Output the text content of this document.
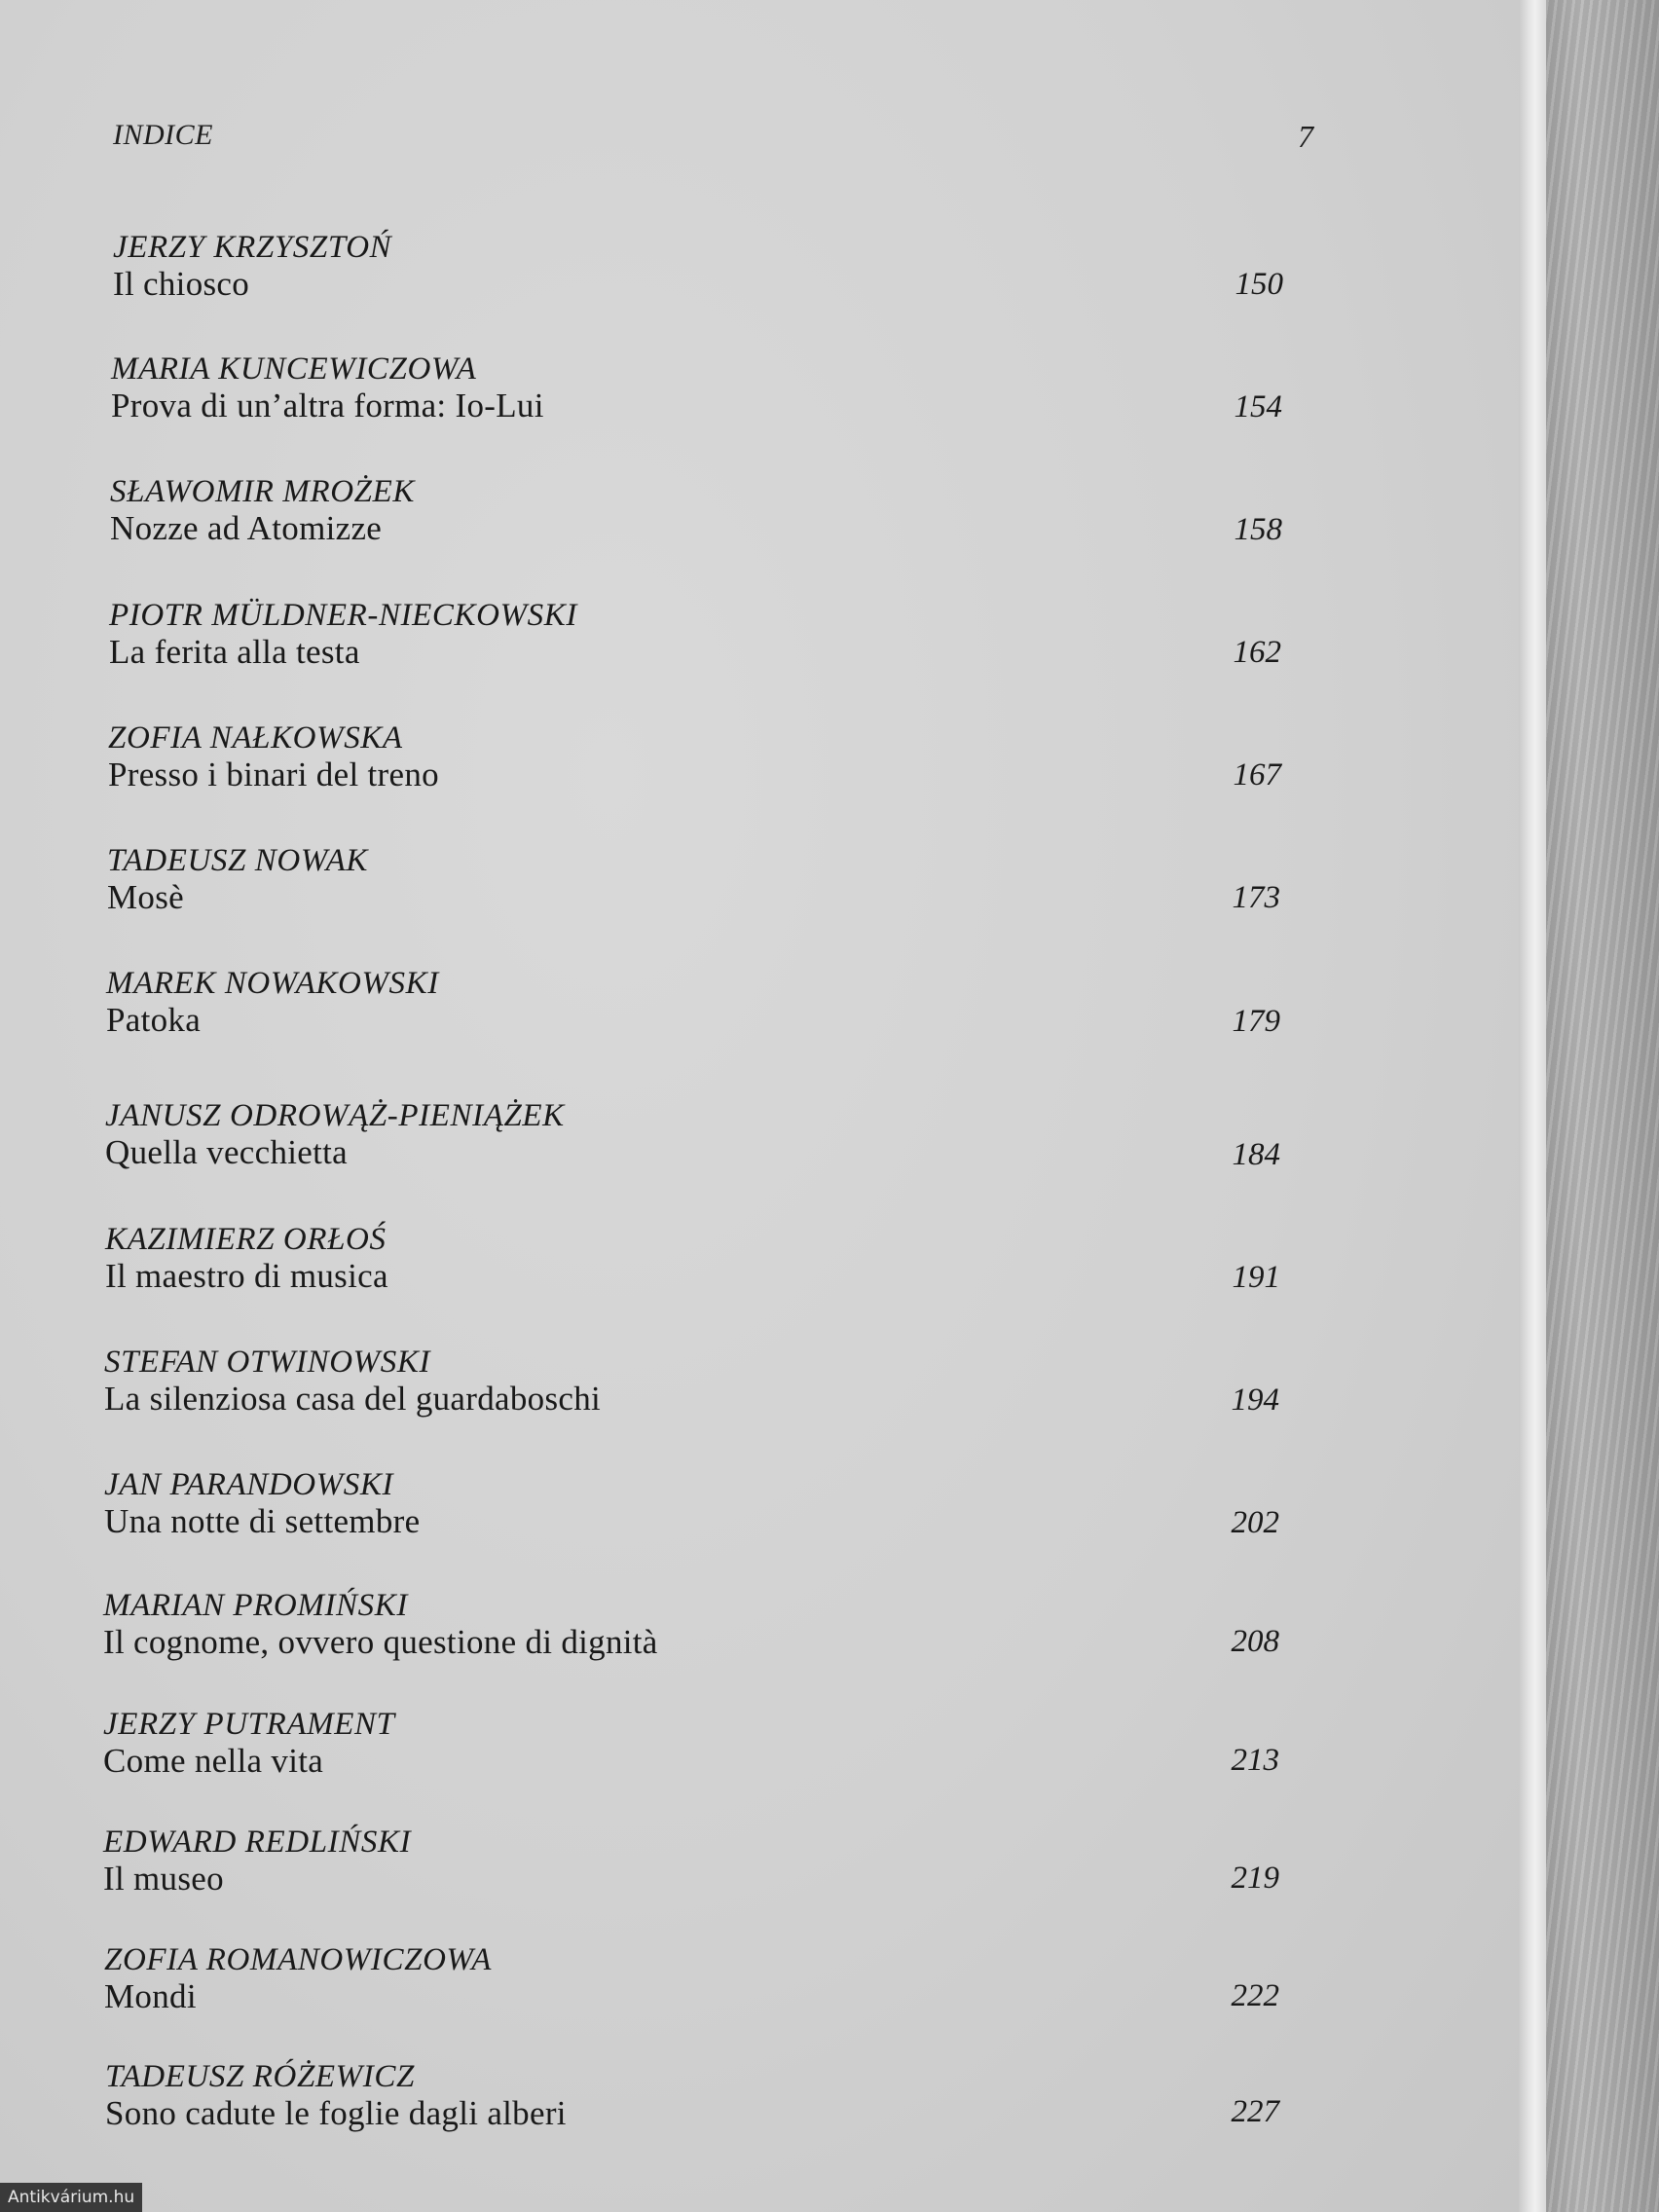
INDICE	7
JERZY KRZYSZTOŃ
Il chiosco	150
MARIA KUNCEWICZOWA
Prova di un’altra forma: Io-Lui	154
SŁAWOMIR MROŻEK
Nozze ad Atomizze	158
PIOTR MÜLDNER-NIECKOWSKI
La ferita alla testa	162
ZOFIA NAŁKOWSKA
Presso i binari del treno	167
TADEUSZ NOWAK
Mosè	173
MAREK NOWAKOWSKI
Patoka	179
JANUSZ ODROWĄŻ-PIENIĄŻEK
Quella vecchietta	184
KAZIMIERZ ORŁOŚ
Il maestro di musica	191
STEFAN OTWINOWSKI
La silenziosa casa del guardaboschi	194
JAN PARANDOWSKI
Una notte di settembre	202
MARIAN PROMIŃSKI
Il cognome, ovvero questione di dignità	208
JERZY PUTRAMENT
Come nella vita	213
EDWARD REDLIŃSKI
Il museo	219
ZOFIA ROMANOWICZOWA
Mondi	222
TADEUSZ RÓŻEWICZ
Sono cadute le foglie dagli alberi	227
Antikvárium.hu
